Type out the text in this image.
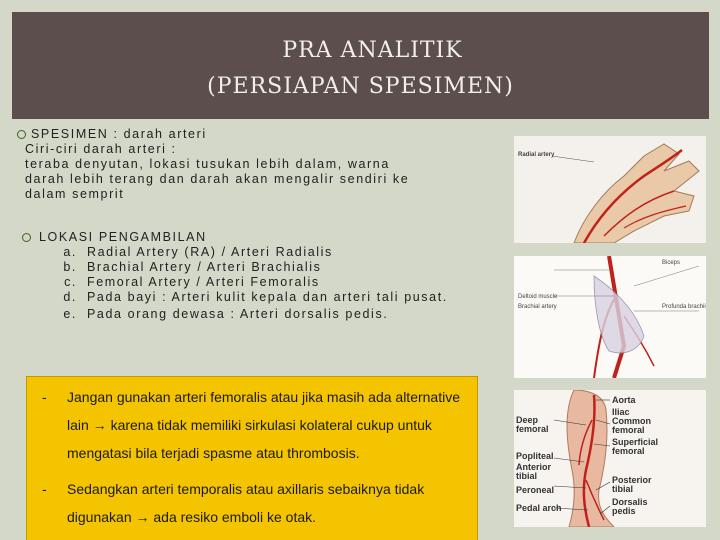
PRA ANALITIK
(PERSIAPAN SPESIMEN)
SPESIMEN : darah arteri
Ciri-ciri darah arteri :
teraba denyutan, lokasi tusukan lebih dalam, warna
darah lebih terang dan darah akan mengalir sendiri ke
dalam semprit
LOKASI PENGAMBILAN
a. Radial Artery (RA) / Arteri Radialis
b. Brachial Artery / Arteri Brachialis
c. Femoral Artery / Arteri Femoralis
d. Pada bayi : Arteri kulit kepala dan arteri tali pusat.
e. Pada orang dewasa : Arteri dorsalis pedis.
- Jangan gunakan arteri femoralis atau jika masih ada alternative lain → karena tidak memiliki sirkulasi kolateral cukup untuk mengatasi bila terjadi spasme atau thrombosis.
- Sedangkan arteri temporalis atau axillaris sebaiknya tidak digunakan → ada resiko emboli ke otak.
Radial artery
Deltoid muscle
Brachial artery
Biceps
Profunda brachii
Deep
femoral
Popliteal
Anterior
tibial
Peroneal
Pedal arch
Aorta
Iliac
Common
femoral
Superficial
femoral
Posterior
tibial
Dorsalis
pedis
